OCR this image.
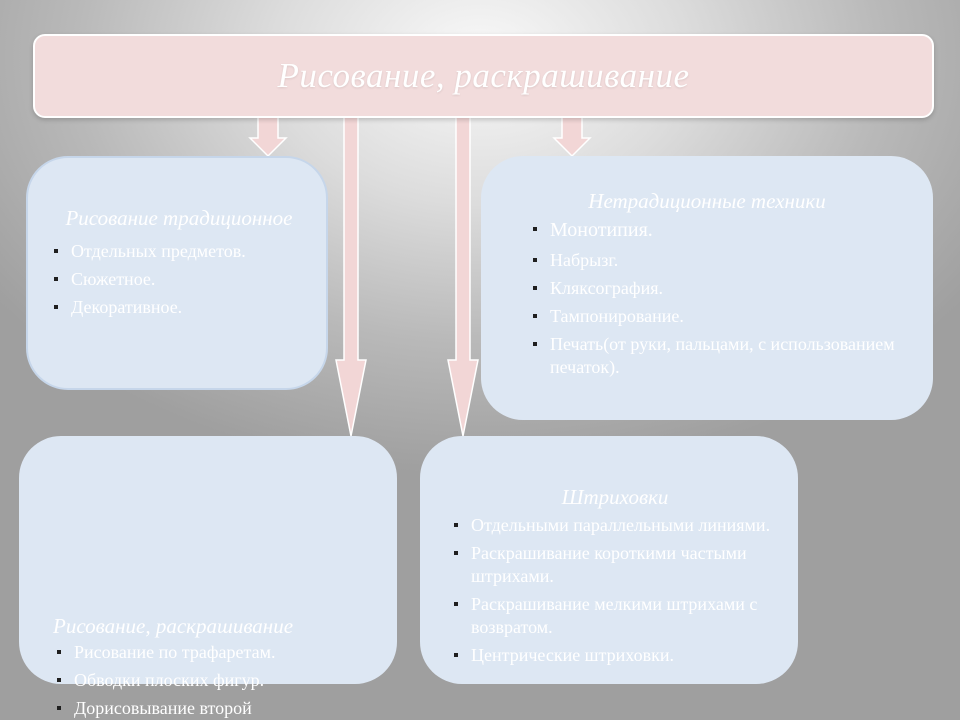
Рисование, раскрашивание
Рисование традиционное
Отдельных предметов.
Сюжетное.
Декоративное.
Нетрадиционные техники
Монотипия.
Набрызг.
Кляксография.
Тампонирование.
Печать(от руки, пальцами, с использованием печаток).
Рисование, раскрашивание
Рисование по трафаретам.
Обводки плоских фигур.
Дорисовывание второй
Штриховки
Отдельными параллельными линиями.
Раскрашивание короткими частыми штрихами.
Раскрашивание мелкими штрихами с возвратом.
Центрические штриховки.
